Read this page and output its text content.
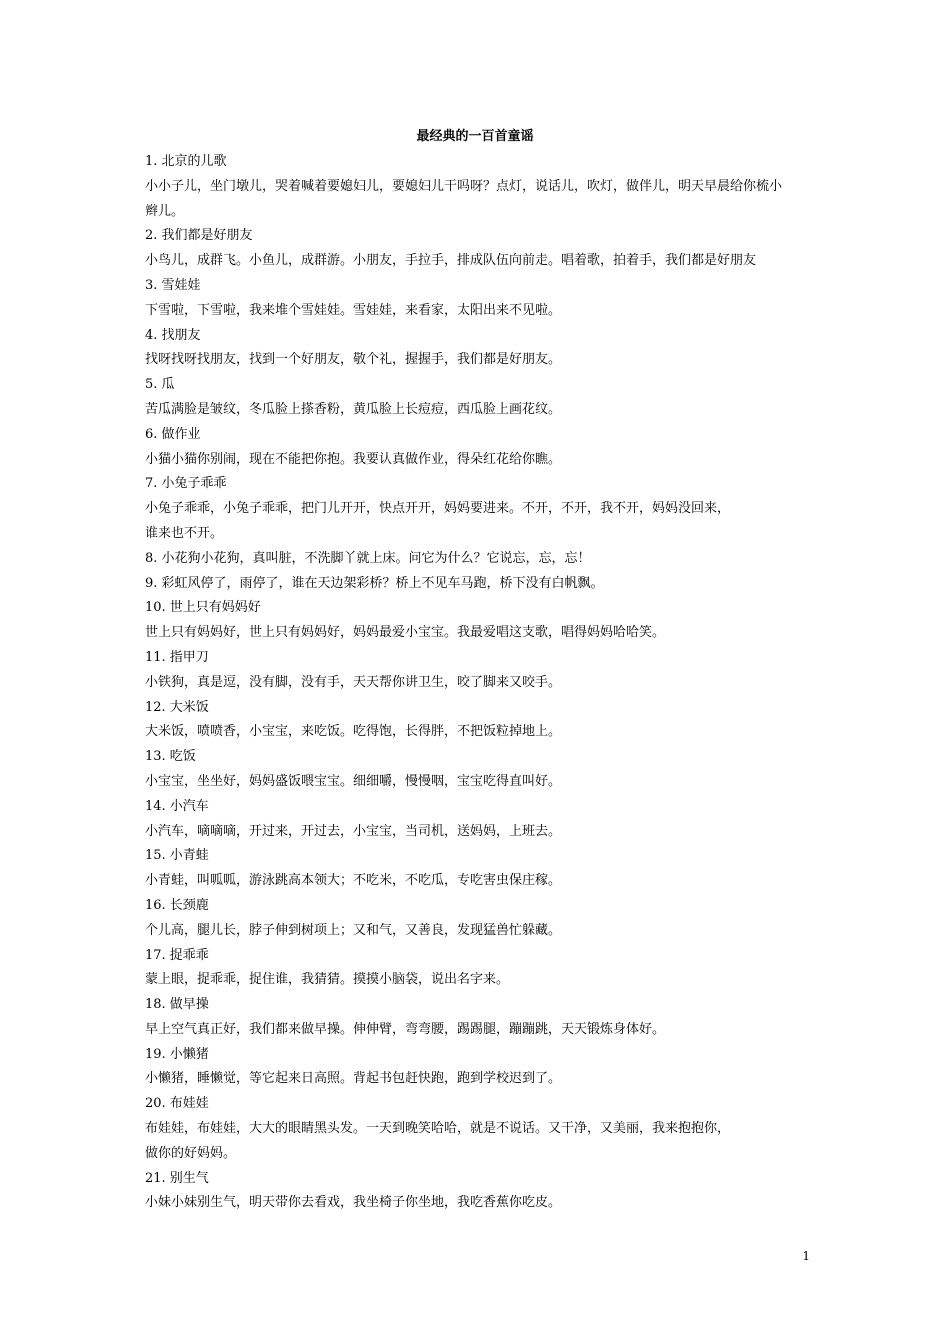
最经典的一百首童谣
1. 北京的儿歌
小小子儿，坐门墩儿，哭着喊着要媳妇儿，要媳妇儿干吗呀？点灯，说话儿，吹灯，做伴儿，明天早晨给你梳小
辫儿。
2. 我们都是好朋友
小鸟儿，成群飞。小鱼儿，成群游。小朋友，手拉手，排成队伍向前走。唱着歌，拍着手，我们都是好朋友
3. 雪娃娃
下雪啦，下雪啦，我来堆个雪娃娃。雪娃娃，来看家，太阳出来不见啦。
4. 找朋友
找呀找呀找朋友，找到一个好朋友，敬个礼，握握手，我们都是好朋友。
5. 瓜
苦瓜满脸是皱纹，冬瓜脸上搽香粉，黄瓜脸上长痘痘，西瓜脸上画花纹。
6. 做作业
小猫小猫你别闹，现在不能把你抱。我要认真做作业，得朵红花给你瞧。
7. 小兔子乖乖
小兔子乖乖，小兔子乖乖，把门儿开开，快点开开，妈妈要进来。不开，不开，我不开，妈妈没回来，
谁来也不开。
8. 小花狗小花狗，真叫脏，不洗脚丫就上床。问它为什么？它说忘，忘，忘！
9. 彩虹风停了，雨停了，谁在天边架彩桥？桥上不见车马跑，桥下没有白帆飘。
10. 世上只有妈妈好
世上只有妈妈好，世上只有妈妈好，妈妈最爱小宝宝。我最爱唱这支歌，唱得妈妈哈哈笑。
11. 指甲刀
小铁狗，真是逗，没有脚，没有手，天天帮你讲卫生，咬了脚来又咬手。
12. 大米饭
大米饭，喷喷香，小宝宝，来吃饭。吃得饱，长得胖，不把饭粒掉地上。
13. 吃饭
小宝宝，坐坐好，妈妈盛饭喂宝宝。细细嚼，慢慢咽，宝宝吃得直叫好。
14. 小汽车
小汽车，嘀嘀嘀，开过来，开过去，小宝宝，当司机，送妈妈，上班去。
15. 小青蛙
小青蛙，叫呱呱，游泳跳高本领大；不吃米，不吃瓜，专吃害虫保庄稼。
16. 长颈鹿
个儿高，腿儿长，脖子伸到树项上；又和气，又善良，发现猛兽忙躲藏。
17. 捉乖乖
蒙上眼，捉乖乖，捉住谁，我猜猜。摸摸小脑袋，说出名字来。
18. 做早操
早上空气真正好，我们都来做早操。伸伸臂，弯弯腰，踢踢腿，蹦蹦跳，天天锻炼身体好。
19. 小懒猪
小懒猪，睡懒觉，等它起来日高照。背起书包赶快跑，跑到学校迟到了。
20. 布娃娃
布娃娃，布娃娃，大大的眼睛黑头发。一天到晚笑哈哈，就是不说话。又干净，又美丽，我来抱抱你，
做你的好妈妈。
21. 别生气
小妹小妹别生气，明天带你去看戏，我坐椅子你坐地，我吃香蕉你吃皮。
1
